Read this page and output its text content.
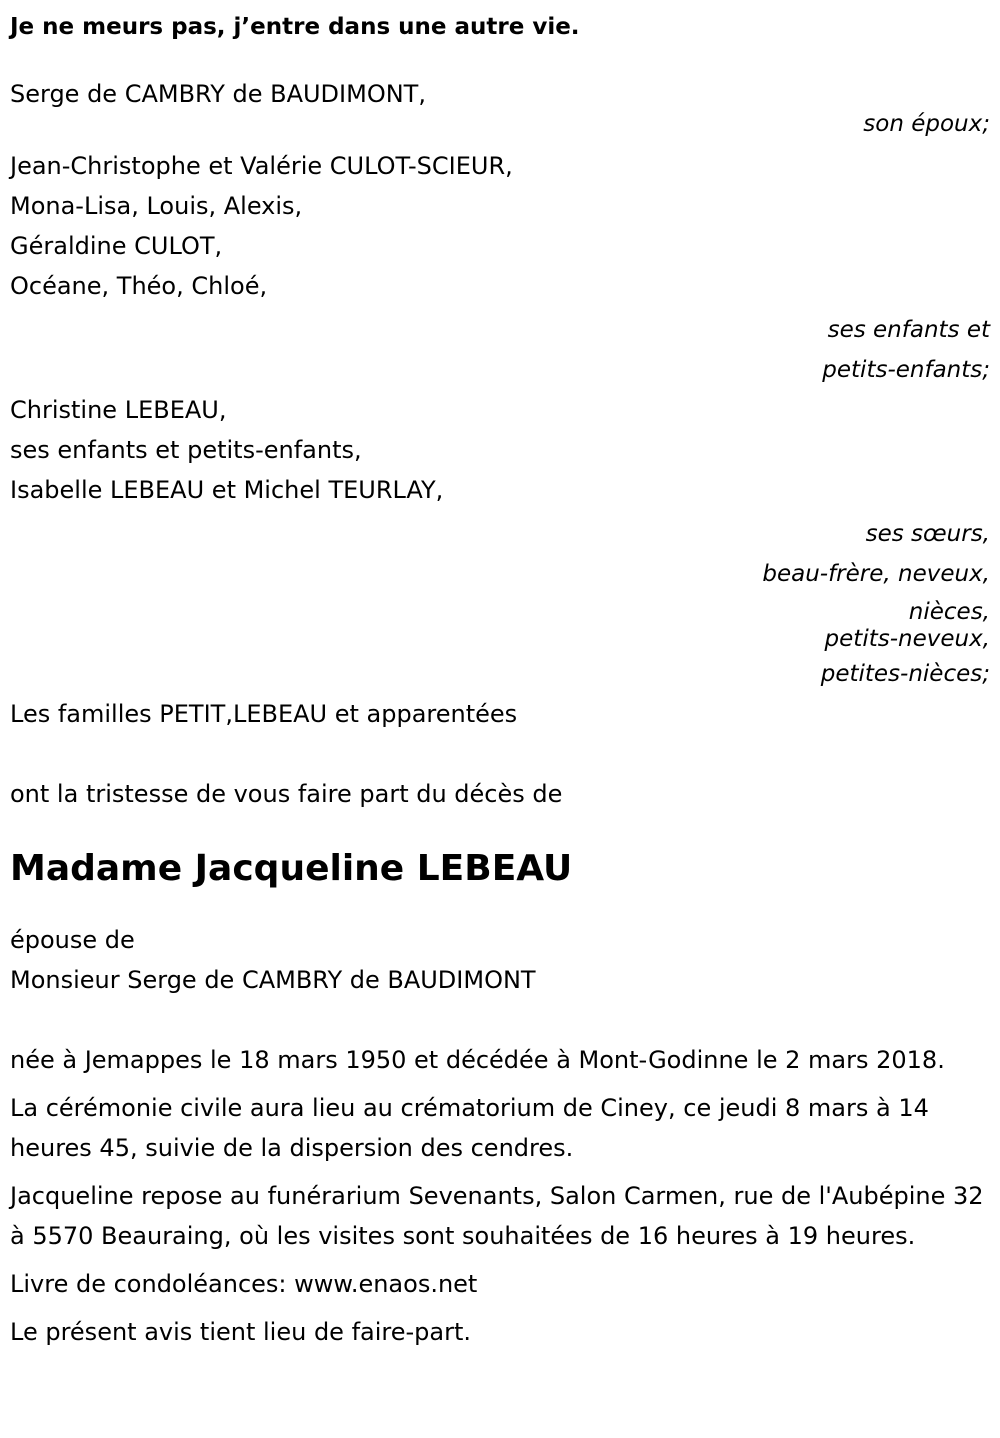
Je ne meurs pas, j’entre dans une autre vie.
Serge de CAMBRY de BAUDIMONT,
son époux;
Jean-Christophe et Valérie CULOT-SCIEUR,
Mona-Lisa, Louis, Alexis,
Géraldine CULOT,
Océane, Théo, Chloé,
ses enfants et
petits-enfants;
Christine LEBEAU,
ses enfants et petits-enfants,
Isabelle LEBEAU et Michel TEURLAY,
ses sœurs,
beau-frère, neveux,
nièces,
petits-neveux,
petites-nièces;
Les familles PETIT,LEBEAU et apparentées
ont la tristesse de vous faire part du décès de
Madame Jacqueline LEBEAU
épouse de
Monsieur Serge de CAMBRY de BAUDIMONT
née à Jemappes le 18 mars 1950 et décédée à Mont-Godinne le 2 mars 2018.
La cérémonie civile aura lieu au crématorium de Ciney, ce jeudi 8 mars à 14 heures 45, suivie de la dispersion des cendres.
Jacqueline repose au funérarium Sevenants, Salon Carmen, rue de l'Aubépine 32 à 5570 Beauraing, où les visites sont souhaitées de 16 heures à 19 heures.
Livre de condoléances: www.enaos.net
Le présent avis tient lieu de faire-part.
